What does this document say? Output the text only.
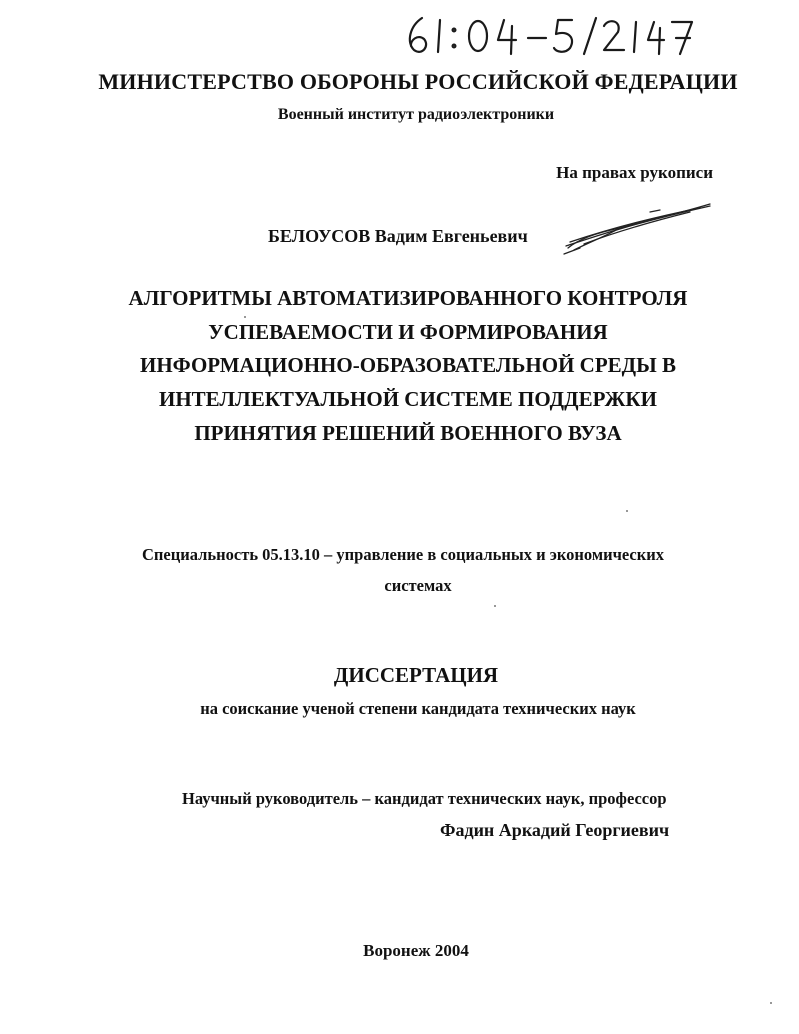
МИНИСТЕРСТВО ОБОРОНЫ РОССИЙСКОЙ ФЕДЕРАЦИИ
Военный институт радиоэлектроники
На правах рукописи
БЕЛОУСОВ Вадим Евгеньевич
АЛГОРИТМЫ АВТОМАТИЗИРОВАННОГО КОНТРОЛЯ
УСПЕВАЕМОСТИ И ФОРМИРОВАНИЯ
ИНФОРМАЦИОННО-ОБРАЗОВАТЕЛЬНОЙ СРЕДЫ В
ИНТЕЛЛЕКТУАЛЬНОЙ СИСТЕМЕ ПОДДЕРЖКИ
ПРИНЯТИЯ РЕШЕНИЙ ВОЕННОГО ВУЗА
Специальность 05.13.10 – управление в социальных и экономических
системах
ДИССЕРТАЦИЯ
на соискание ученой степени кандидата технических наук
Научный руководитель – кандидат технических наук, профессор
Фадин Аркадий Георгиевич
Воронеж 2004
